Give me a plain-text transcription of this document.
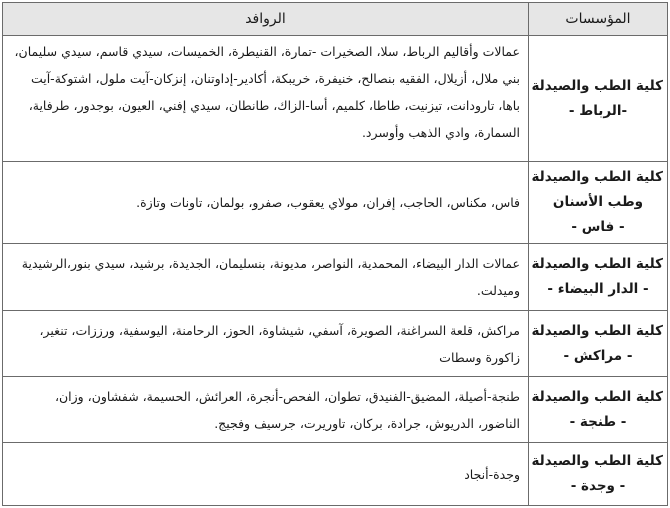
المؤسسات	الروافد

كلية الطب والصيدلة
-الرباط -	عمالات وأقاليم الرباط، سلا، الصخيرات -تمارة، القنيطرة، الخميسات، سيدي قاسم، سيدي سليمان، بني ملال، أزيلال، الفقيه بنصالح، خنيفرة، خريبكة، أكادير-إداوتنان، إنزكان-آيت ملول، اشتوكة-آيت باها، تارودانت، تيزنيت، طاطا، كلميم، أسا-الزاك، طانطان، سيدي إفني، العيون، بوجدور، طرفاية، السمارة، وادي الذهب وأوسرد.

كلية الطب والصيدلة
وطب الأسنان
- فاس -	فاس، مكناس، الحاجب، إفران، مولاي يعقوب، صفرو، بولمان، تاونات وتازة.

كلية الطب والصيدلة
- الدار البيضاء -	عمالات الدار البيضاء، المحمدية، النواصر، مديونة، بنسليمان، الجديدة، برشيد، سيدي بنور،الرشيدية وميدلت.

كلية الطب والصيدلة
- مراكش -	مراكش، قلعة السراغنة، الصويرة، آسفي، شيشاوة، الحوز، الرحامنة، اليوسفية، ورززات، تنغير، زاكورة وسطات

كلية الطب والصيدلة
- طنجة -	طنجة-أصيلة، المضيق-الفنيدق، تطوان، الفحص-أنجرة، العرائش، الحسيمة، شفشاون، وزان، الناضور، الدريوش، جرادة، بركان، تاوريرت، جرسيف وفجيج.

كلية الطب والصيدلة
- وجدة -	وجدة-أنجاد
